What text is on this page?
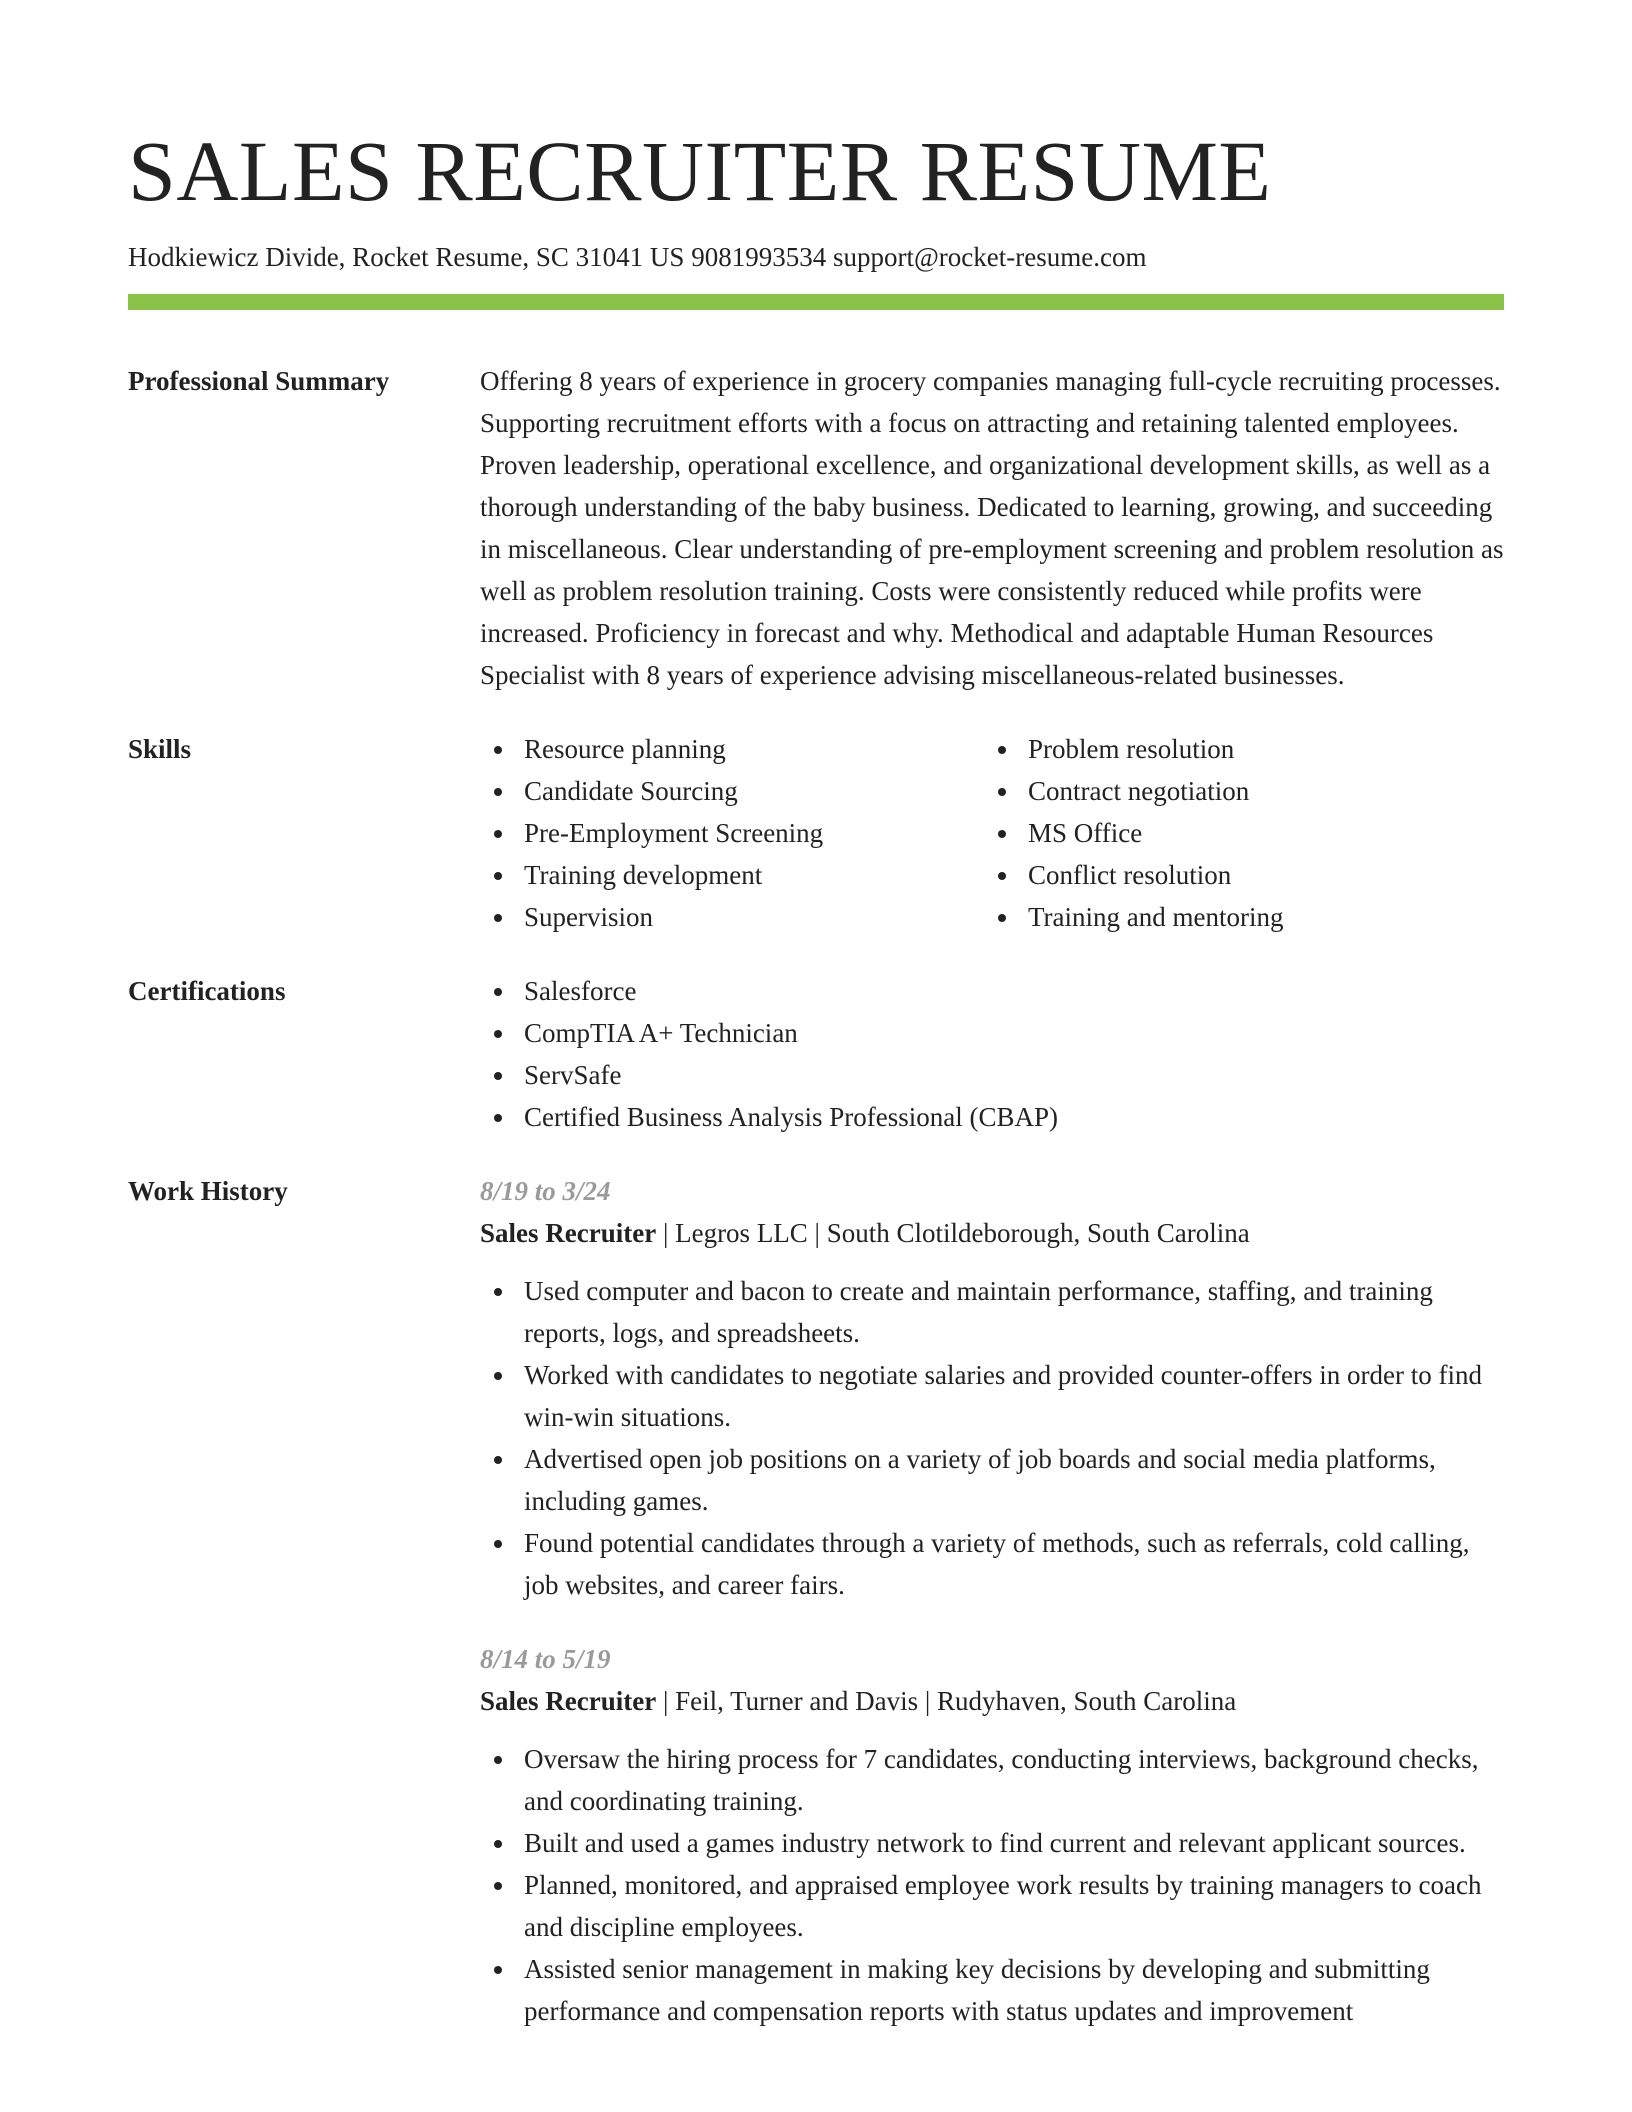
SALES RECRUITER RESUME
Hodkiewicz Divide, Rocket Resume, SC 31041 US 9081993534 support@rocket-resume.com
Professional Summary	Offering 8 years of experience in grocery companies managing full-cycle recruiting processes. Supporting recruitment efforts with a focus on attracting and retaining talented employees. Proven leadership, operational excellence, and organizational development skills, as well as a thorough understanding of the baby business. Dedicated to learning, growing, and succeeding in miscellaneous. Clear understanding of pre-employment screening and problem resolution as well as problem resolution training. Costs were consistently reduced while profits were increased. Proficiency in forecast and why. Methodical and adaptable Human Resources Specialist with 8 years of experience advising miscellaneous-related businesses.

Skills	Resource planning
Candidate Sourcing
Pre-Employment Screening
Training development
Supervision
Problem resolution
Contract negotiation
MS Office
Conflict resolution
Training and mentoring
Certifications	Salesforce
CompTIA A+ Technician
ServSafe
Certified Business Analysis Professional (CBAP)
Work History	8/19 to 3/24
Sales Recruiter | Legros LLC | South Clotildeborough, South Carolina
Used computer and bacon to create and maintain performance, staffing, and training reports, logs, and spreadsheets.
Worked with candidates to negotiate salaries and provided counter-offers in order to find win-win situations.
Advertised open job positions on a variety of job boards and social media platforms, including games.
Found potential candidates through a variety of methods, such as referrals, cold calling, job websites, and career fairs.
8/14 to 5/19
Sales Recruiter | Feil, Turner and Davis | Rudyhaven, South Carolina
Oversaw the hiring process for 7 candidates, conducting interviews, background checks, and coordinating training.
Built and used a games industry network to find current and relevant applicant sources.
Planned, monitored, and appraised employee work results by training managers to coach and discipline employees.
Assisted senior management in making key decisions by developing and submitting performance and compensation reports with status updates and improvement
